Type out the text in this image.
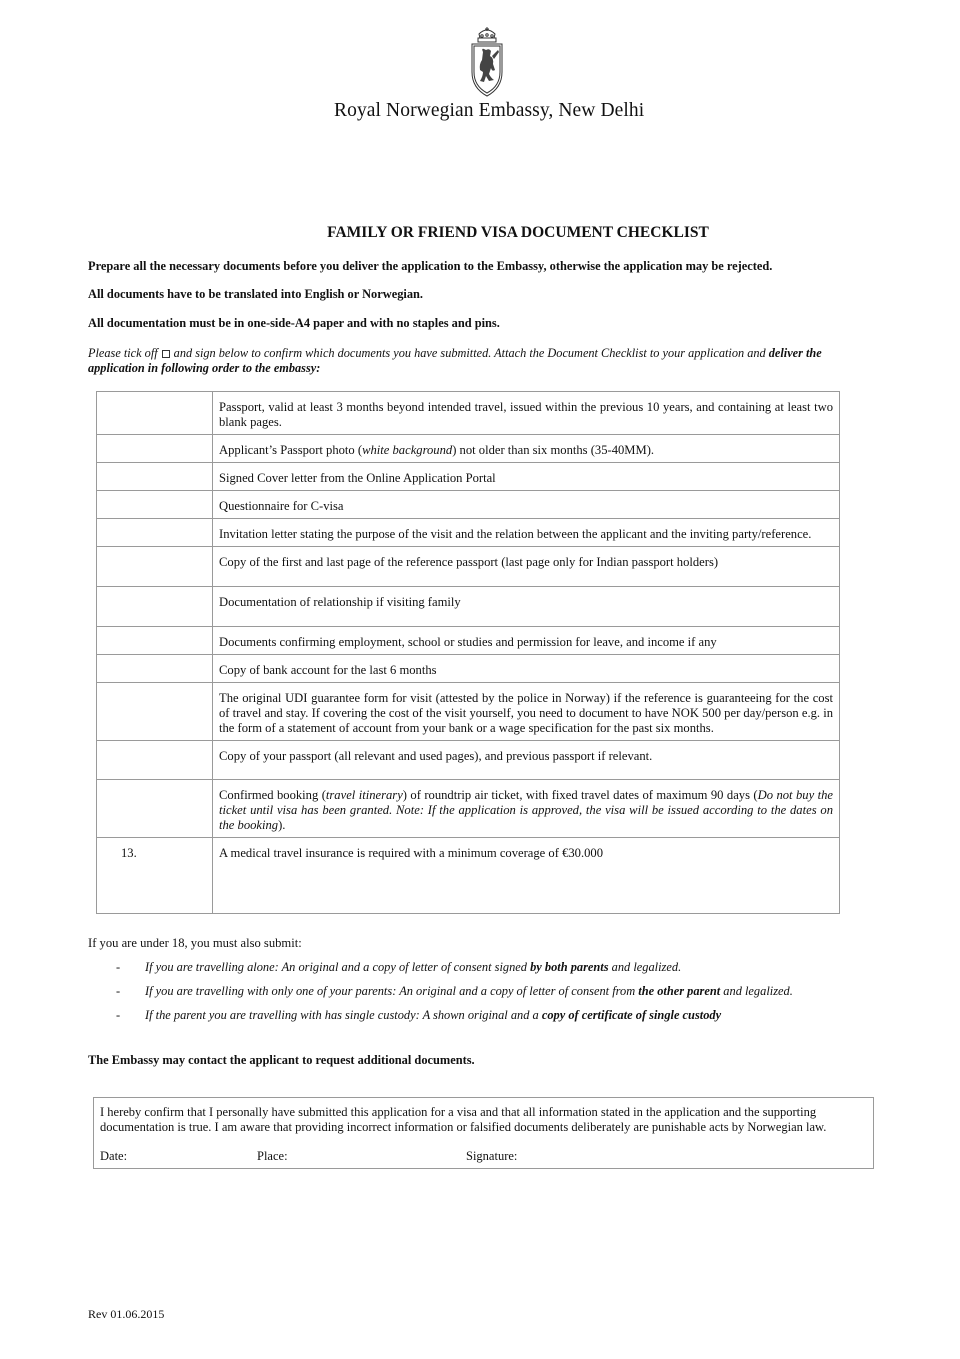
Royal Norwegian Embassy, New Delhi
FAMILY OR FRIEND VISA DOCUMENT CHECKLIST
Prepare all the necessary documents before you deliver the application to the Embassy, otherwise the application may be rejected.
All documents have to be translated into English or Norwegian.
All documentation must be in one-side-A4 paper and with no staples and pins.
Please tick off and sign below to confirm which documents you have submitted. Attach the Document Checklist to your application and deliver the application in following order to the embassy:
	Passport, valid at least 3 months beyond intended travel, issued within the previous 10 years, and containing at least two blank pages.
	Applicant’s Passport photo (white background) not older than six months (35-40MM).
	Signed Cover letter from the Online Application Portal
	Questionnaire for C-visa
	Invitation letter stating the purpose of the visit and the relation between the applicant and the inviting party/reference.
	Copy of the first and last page of the reference passport (last page only for Indian passport holders)
	Documentation of relationship if visiting family
	Documents confirming employment, school or studies and permission for leave, and income if any
	Copy of bank account for the last 6 months
	The original UDI guarantee form for visit (attested by the police in Norway) if the reference is guaranteeing for the cost of travel and stay. If covering the cost of the visit yourself, you need to document to have NOK 500 per day/person e.g. in the form of a statement of account from your bank or a wage specification for the past six months.
	Copy of your passport (all relevant and used pages), and previous passport if relevant.
	Confirmed booking (travel itinerary) of roundtrip air ticket, with fixed travel dates of maximum 90 days (Do not buy the ticket until visa has been granted. Note: If the application is approved, the visa will be issued according to the dates on the booking).
13.	A medical travel insurance is required with a minimum coverage of €30.000
If you are under 18, you must also submit:
- If you are travelling alone: An original and a copy of letter of consent signed by both parents and legalized.
- If you are travelling with only one of your parents: An original and a copy of letter of consent from the other parent and legalized.
- If the parent you are travelling with has single custody: A shown original and a copy of certificate of single custody
The Embassy may contact the applicant to request additional documents.
I hereby confirm that I personally have submitted this application for a visa and that all information stated in the application and the supporting documentation is true. I am aware that providing incorrect information or falsified documents deliberately are punishable acts by Norwegian law.
Date:	Place:	Signature:
Rev 01.06.2015
